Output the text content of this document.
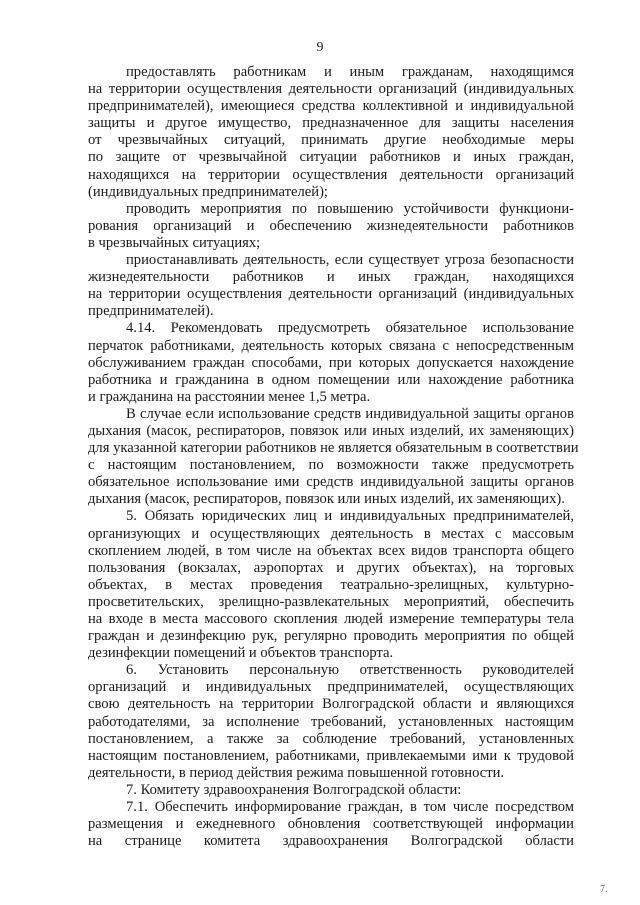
9

предоставлять работникам и иным гражданам, находящимся
на территории осуществления деятельности организаций (индивидуальных
предпринимателей), имеющиеся средства коллективной и индивидуальной
защиты и другое имущество, предназначенное для защиты населения
от чрезвычайных ситуаций, принимать другие необходимые меры
по защите от чрезвычайной ситуации работников и иных граждан,
находящихся на территории осуществления деятельности организаций
(индивидуальных предпринимателей);

проводить мероприятия по повышению устойчивости функциони-
рования организаций и обеспечению жизнедеятельности работников
в чрезвычайных ситуациях;

приостанавливать деятельность, если существует угроза безопасности
жизнедеятельности работников и иных граждан, находящихся
на территории осуществления деятельности организаций (индивидуальных
предпринимателей).

4.14. Рекомендовать предусмотреть обязательное использование
перчаток работниками, деятельность которых связана с непосредственным
обслуживанием граждан способами, при которых допускается нахождение
работника и гражданина в одном помещении или нахождение работника
и гражданина на расстоянии менее 1,5 метра.

В случае если использование средств индивидуальной защиты органов
дыхания (масок, респираторов, повязок или иных изделий, их заменяющих)
для указанной категории работников не является обязательным в соответствии
с настоящим постановлением, по возможности также предусмотреть
обязательное использование ими средств индивидуальной защиты органов
дыхания (масок, респираторов, повязок или иных изделий, их заменяющих).

5. Обязать юридических лиц и индивидуальных предпринимателей,
организующих и осуществляющих деятельность в местах с массовым
скоплением людей, в том числе на объектах всех видов транспорта общего
пользования (вокзалах, аэропортах и других объектах), на торговых
объектах, в местах проведения театрально-зрелищных, культурно-
просветительских, зрелищно-развлекательных мероприятий, обеспечить
на входе в места массового скопления людей измерение температуры тела
граждан и дезинфекцию рук, регулярно проводить мероприятия по общей
дезинфекции помещений и объектов транспорта.

6. Установить персональную ответственность руководителей
организаций и индивидуальных предпринимателей, осуществляющих
свою деятельность на территории Волгоградской области и являющихся
работодателями, за исполнение требований, установленных настоящим
постановлением, а также за соблюдение требований, установленных
настоящим постановлением, работниками, привлекаемыми ими к трудовой
деятельности, в период действия режима повышенной готовности.

7. Комитету здравоохранения Волгоградской области:

7.1. Обеспечить информирование граждан, в том числе посредством
размещения и ежедневного обновления соответствующей информации
на странице комитета здравоохранения Волгоградской области

7.
